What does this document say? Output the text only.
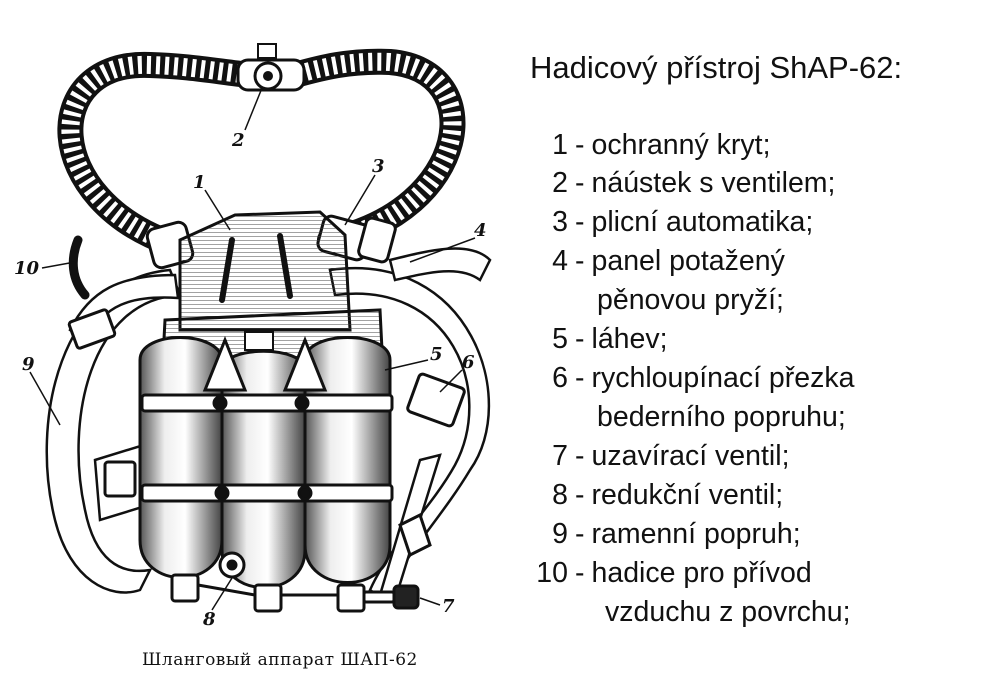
1
2
3
4
5 6
7
8
9
10
Шланговый аппарат ШАП-62
Hadicový přístroj ShAP-62:
1 - ochranný kryt;
2 - náústek s ventilem;
3 - plicní automatika;
4 - panel potažený
pěnovou pryží;
5 - láhev;
6 - rychloupínací přezka
bederního popruhu;
7 - uzavírací ventil;
8 - redukční ventil;
9 - ramenní popruh;
10 - hadice pro přívod
vzduchu z povrchu;
